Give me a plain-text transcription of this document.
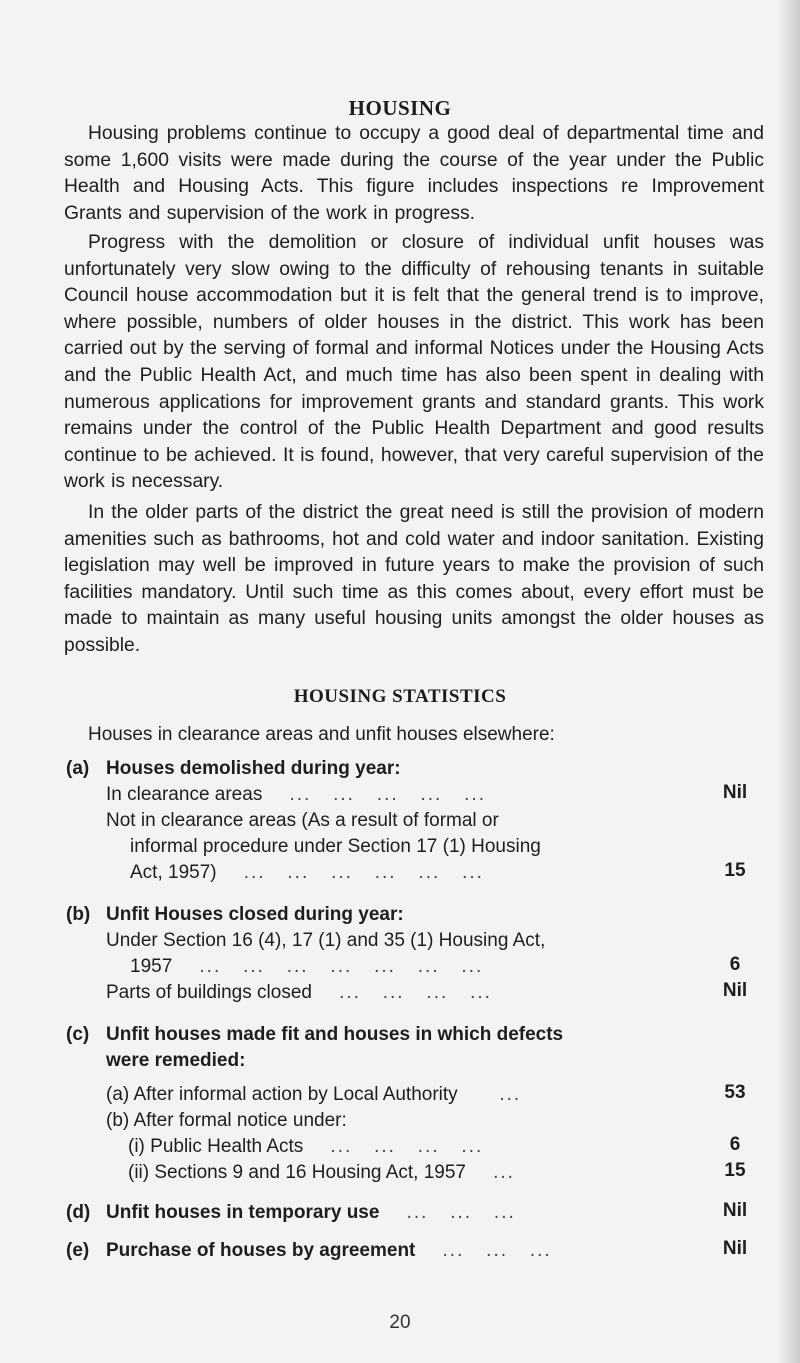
HOUSING

Housing problems continue to occupy a good deal of departmental time and some 1,600 visits were made during the course of the year under the Public Health and Housing Acts. This figure includes inspections re Improvement Grants and supervision of the work in progress.

Progress with the demolition or closure of individual unfit houses was unfortunately very slow owing to the difficulty of rehousing tenants in suitable Council house accommodation but it is felt that the general trend is to improve, where possible, numbers of older houses in the district. This work has been carried out by the serving of formal and informal Notices under the Housing Acts and the Public Health Act, and much time has also been spent in dealing with numerous applications for improvement grants and standard grants. This work remains under the control of the Public Health Department and good results continue to be achieved. It is found, however, that very careful supervision of the work is necessary.

In the older parts of the district the great need is still the provision of modern amenities such as bathrooms, hot and cold water and indoor sanitation. Existing legislation may well be improved in future years to make the provision of such facilities mandatory. Until such time as this comes about, every effort must be made to maintain as many useful housing units amongst the older houses as possible.

HOUSING STATISTICS
Houses in clearance areas and unfit houses elsewhere:
(a) Houses demolished during year:
In clearance areas    ...   ...   ...   ...   ...	Nil
Not in clearance areas (As a result of formal or
informal procedure under Section 17 (1) Housing
Act, 1957)    ...   ...   ...   ...   ...   ...	15
(b) Unfit Houses closed during year:
Under Section 16 (4), 17 (1) and 35 (1) Housing Act,
1957    ...   ...   ...   ...   ...   ...   ...	6
Parts of buildings closed    ...   ...   ...   ...	Nil
(c) Unfit houses made fit and houses in which defects
were remedied:
(a) After informal action by Local Authority      ...	53
(b) After formal notice under:
(i) Public Health Acts    ...   ...   ...   ...	6
(ii) Sections 9 and 16 Housing Act, 1957    ...	15
(d) Unfit houses in temporary use    ...   ...   ...	Nil
(e) Purchase of houses by agreement    ...   ...   ...	Nil
20
